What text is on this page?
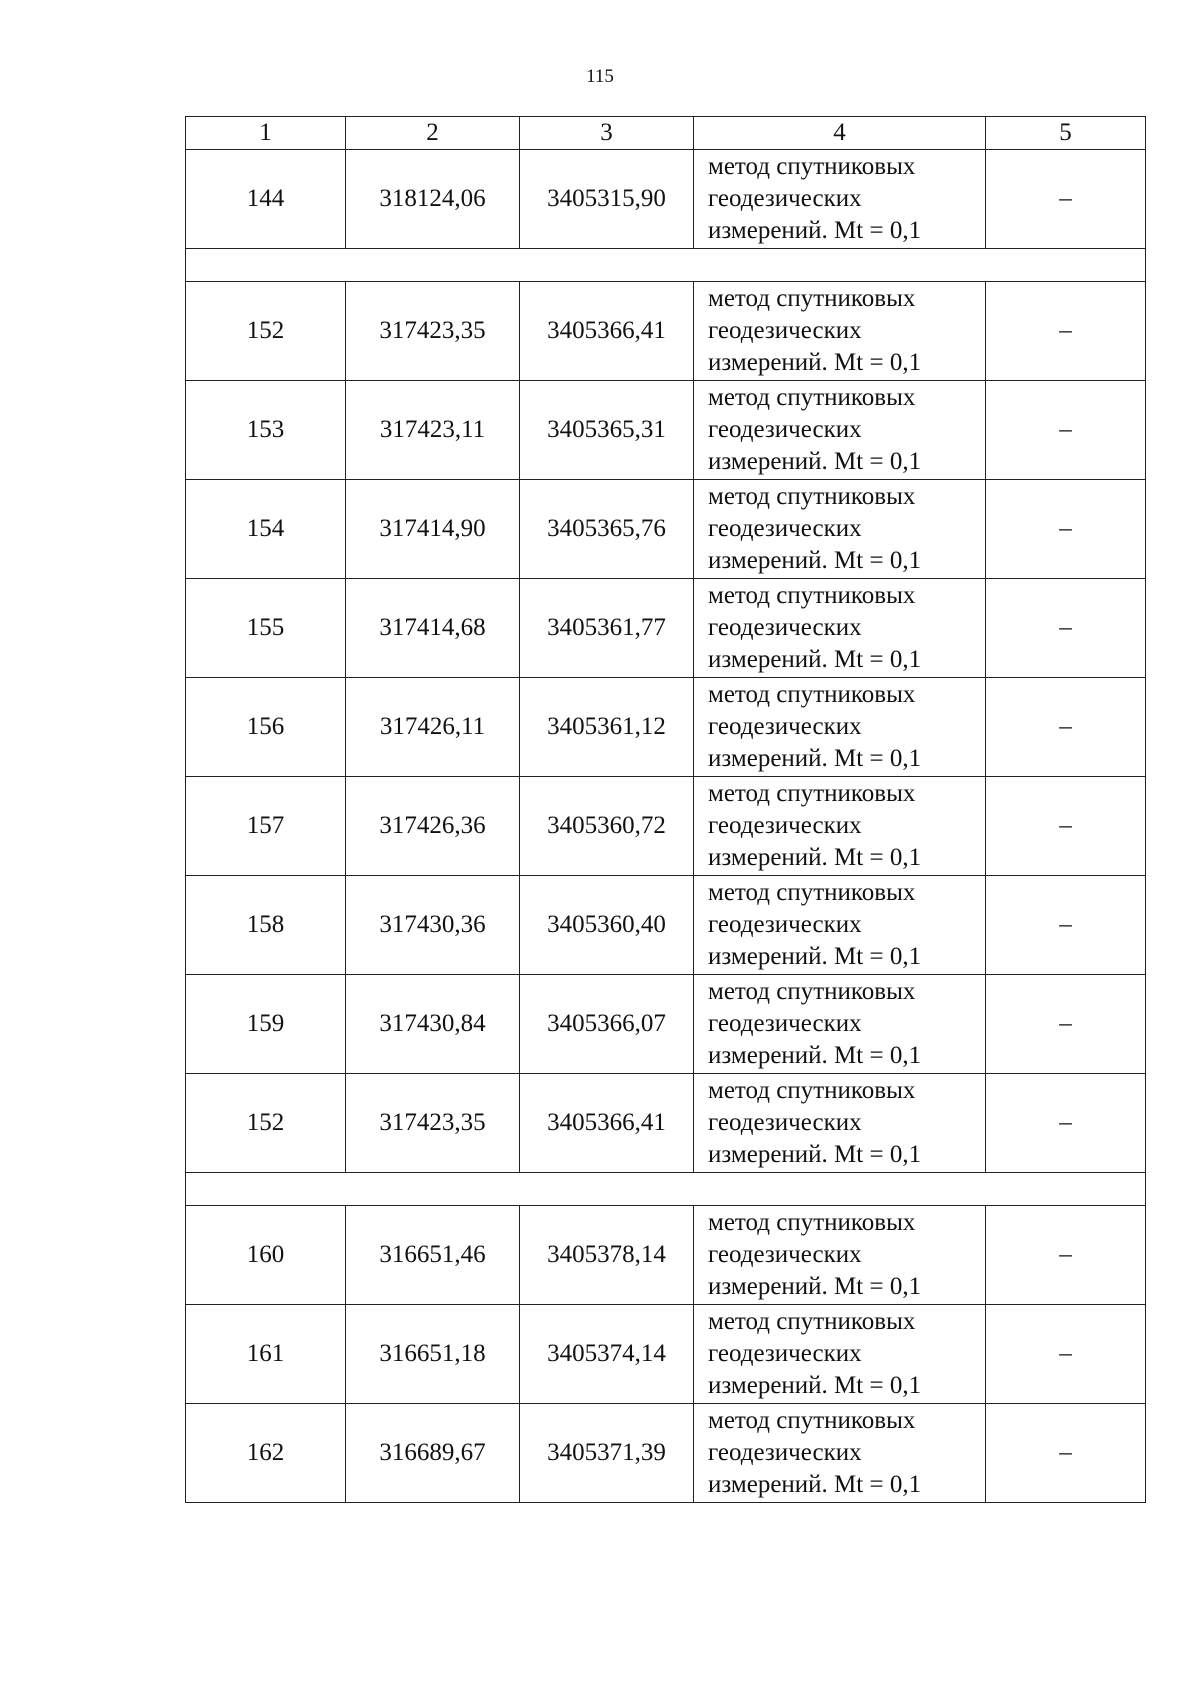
115
1	2	3	4	5
144	318124,06	3405315,90	метод спутниковых
геодезических
измерений. Mt = 0,1	–

152	317423,35	3405366,41	метод спутниковых
геодезических
измерений. Mt = 0,1	–
153	317423,11	3405365,31	метод спутниковых
геодезических
измерений. Mt = 0,1	–
154	317414,90	3405365,76	метод спутниковых
геодезических
измерений. Mt = 0,1	–
155	317414,68	3405361,77	метод спутниковых
геодезических
измерений. Mt = 0,1	–
156	317426,11	3405361,12	метод спутниковых
геодезических
измерений. Mt = 0,1	–
157	317426,36	3405360,72	метод спутниковых
геодезических
измерений. Mt = 0,1	–
158	317430,36	3405360,40	метод спутниковых
геодезических
измерений. Mt = 0,1	–
159	317430,84	3405366,07	метод спутниковых
геодезических
измерений. Mt = 0,1	–
152	317423,35	3405366,41	метод спутниковых
геодезических
измерений. Mt = 0,1	–

160	316651,46	3405378,14	метод спутниковых
геодезических
измерений. Mt = 0,1	–
161	316651,18	3405374,14	метод спутниковых
геодезических
измерений. Mt = 0,1	–
162	316689,67	3405371,39	метод спутниковых
геодезических
измерений. Mt = 0,1	–
